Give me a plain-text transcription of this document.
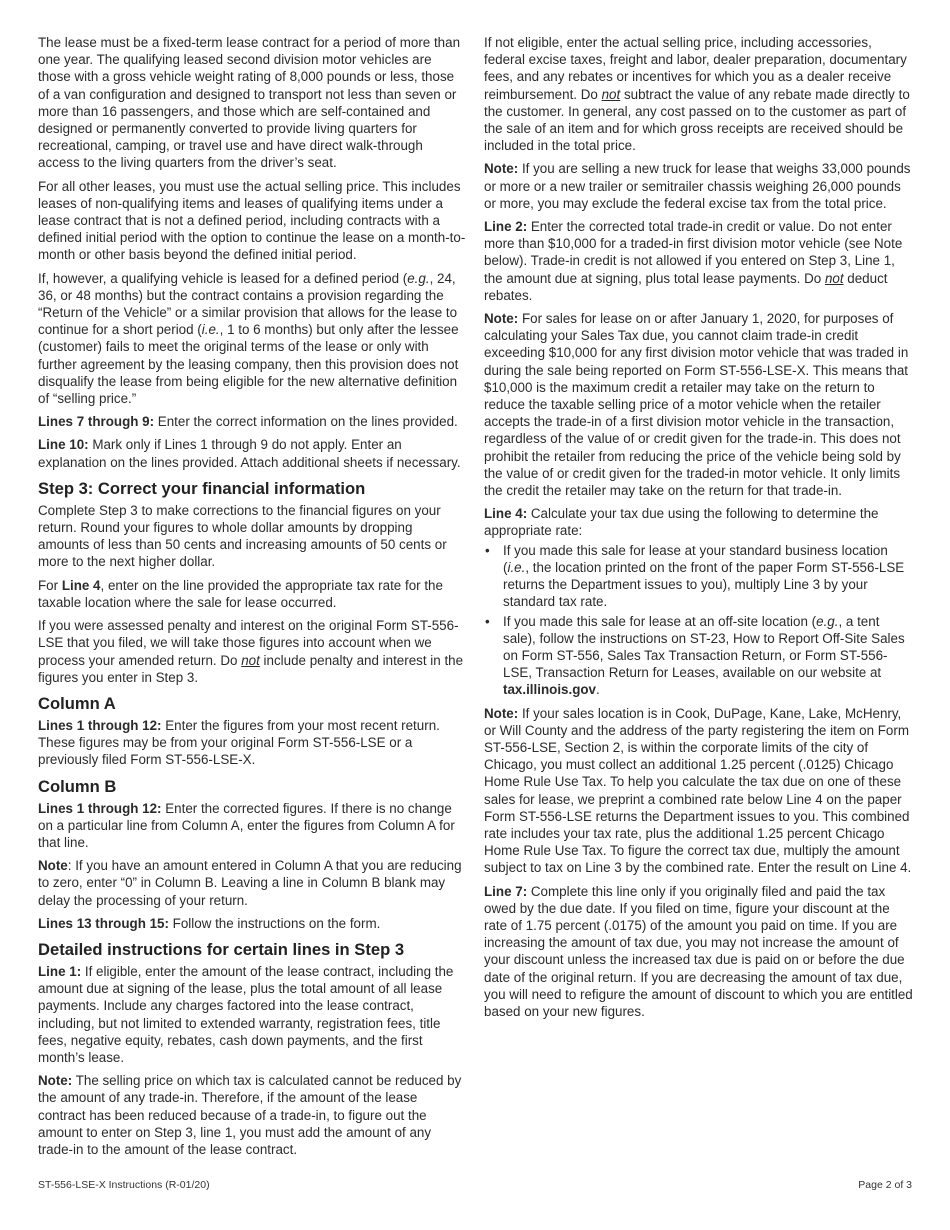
The lease must be a fixed-term lease contract for a period of more than one year. The qualifying leased second division motor vehicles are those with a gross vehicle weight rating of 8,000 pounds or less, those of a van configuration and designed to transport not less than seven or more than 16 passengers, and those which are self-contained and designed or permanently converted to provide living quarters for recreational, camping, or travel use and have direct walk-through access to the living quarters from the driver’s seat.

For all other leases, you must use the actual selling price. This includes leases of non-qualifying items and leases of qualifying items under a lease contract that is not a defined period, including contracts with a defined initial period with the option to continue the lease on a month-to-month or other basis beyond the defined initial period.

If, however, a qualifying vehicle is leased for a defined period (e.g., 24, 36, or 48 months) but the contract contains a provision regarding the “Return of the Vehicle” or a similar provision that allows for the lease to continue for a short period (i.e., 1 to 6 months) but only after the lessee (customer) fails to meet the original terms of the lease or only with further agreement by the leasing company, then this provision does not disqualify the lease from being eligible for the new alternative definition of “selling price.”

Lines 7 through 9: Enter the correct information on the lines provided.

Line 10: Mark only if Lines 1 through 9 do not apply. Enter an explanation on the lines provided. Attach additional sheets if necessary.

Step 3: Correct your financial information

Complete Step 3 to make corrections to the financial figures on your return. Round your figures to whole dollar amounts by dropping amounts of less than 50 cents and increasing amounts of 50 cents or more to the next higher dollar.

For Line 4, enter on the line provided the appropriate tax rate for the taxable location where the sale for lease occurred.

If you were assessed penalty and interest on the original Form ST-556-LSE that you filed, we will take those figures into account when we process your amended return. Do not include penalty and interest in the figures you enter in Step 3.

Column A

Lines 1 through 12: Enter the figures from your most recent return. These figures may be from your original Form ST-556-LSE or a previously filed Form ST-556-LSE-X.

Column B

Lines 1 through 12: Enter the corrected figures. If there is no change on a particular line from Column A, enter the figures from Column A for that line.

Note: If you have an amount entered in Column A that you are reducing to zero, enter “0” in Column B. Leaving a line in Column B blank may delay the processing of your return.

Lines 13 through 15: Follow the instructions on the form.

Detailed instructions for certain lines in Step 3

Line 1: If eligible, enter the amount of the lease contract, including the amount due at signing of the lease, plus the total amount of all lease payments. Include any charges factored into the lease contract, including, but not limited to extended warranty, registration fees, title fees, negative equity, rebates, cash down payments, and the first month’s lease.

Note: The selling price on which tax is calculated cannot be reduced by the amount of any trade-in. Therefore, if the amount of the lease contract has been reduced because of a trade-in, to figure out the amount to enter on Step 3, line 1, you must add the amount of any trade-in to the amount of the lease contract.

If not eligible, enter the actual selling price, including accessories, federal excise taxes, freight and labor, dealer preparation, documentary fees, and any rebates or incentives for which you as a dealer receive reimbursement. Do not subtract the value of any rebate made directly to the customer. In general, any cost passed on to the customer as part of the sale of an item and for which gross receipts are received should be included in the total price.

Note: If you are selling a new truck for lease that weighs 33,000 pounds or more or a new trailer or semitrailer chassis weighing 26,000 pounds or more, you may exclude the federal excise tax from the total price.

Line 2: Enter the corrected total trade-in credit or value. Do not enter more than $10,000 for a traded-in first division motor vehicle (see Note below). Trade-in credit is not allowed if you entered on Step 3, Line 1, the amount due at signing, plus total lease payments. Do not deduct rebates.

Note: For sales for lease on or after January 1, 2020, for purposes of calculating your Sales Tax due, you cannot claim trade-in credit exceeding $10,000 for any first division motor vehicle that was traded in during the sale being reported on Form ST-556-LSE-X. This means that $10,000 is the maximum credit a retailer may take on the return to reduce the taxable selling price of a motor vehicle when the retailer accepts the trade-in of a first division motor vehicle in the transaction, regardless of the value of or credit given for the trade-in. This does not prohibit the retailer from reducing the price of the vehicle being sold by the value of or credit given for the traded-in motor vehicle. It only limits the credit the retailer may take on the return for that trade-in.

Line 4: Calculate your tax due using the following to determine the appropriate rate:

• If you made this sale for lease at your standard business location (i.e., the location printed on the front of the paper Form ST-556-LSE returns the Department issues to you), multiply Line 3 by your standard tax rate.
• If you made this sale for lease at an off-site location (e.g., a tent sale), follow the instructions on ST-23, How to Report Off-Site Sales on Form ST-556, Sales Tax Transaction Return, or Form ST-556-LSE, Transaction Return for Leases, available on our website at tax.illinois.gov.

Note: If your sales location is in Cook, DuPage, Kane, Lake, McHenry, or Will County and the address of the party registering the item on Form ST-556-LSE, Section 2, is within the corporate limits of the city of Chicago, you must collect an additional 1.25 percent (.0125) Chicago Home Rule Use Tax. To help you calculate the tax due on one of these sales for lease, we preprint a combined rate below Line 4 on the paper Form ST-556-LSE returns the Department issues to you. This combined rate includes your tax rate, plus the additional 1.25 percent Chicago Home Rule Use Tax. To figure the correct tax due, multiply the amount subject to tax on Line 3 by the combined rate. Enter the result on Line 4.

Line 7: Complete this line only if you originally filed and paid the tax owed by the due date. If you filed on time, figure your discount at the rate of 1.75 percent (.0175) of the amount you paid on time. If you are increasing the amount of tax due, you may not increase the amount of your discount unless the increased tax due is paid on or before the due date of the original return. If you are decreasing the amount of tax due, you will need to refigure the amount of discount to which you are entitled based on your new figures.

ST-556-LSE-X Instructions (R-01/20)	Page 2 of 3
